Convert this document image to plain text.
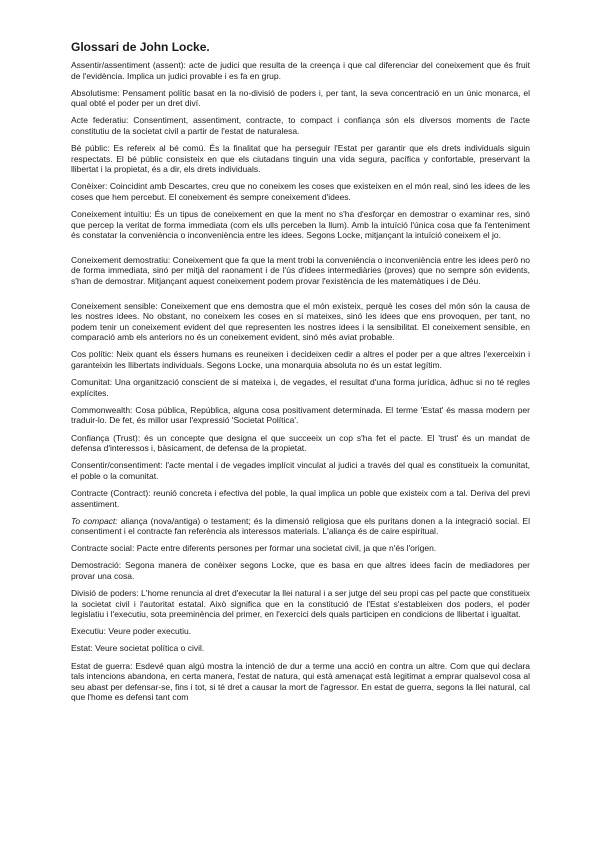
Glossari de John Locke.

Assentir/assentiment (assent): acte de judici que resulta de la creença i que cal diferenciar del coneixement que és fruit de l'evidència. Implica un judici provable i es fa en grup.

Absolutisme: Pensament polític basat en la no-divisió de poders i, per tant, la seva concentració en un únic monarca, el qual obté el poder per un dret diví.

Acte federatiu: Consentiment, assentiment, contracte, to compact i confiança són els diversos moments de l'acte constitutiu de la societat civil a partir de l'estat de naturalesa.

Bé públic: Es refereix al bé comú. És la finalitat que ha perseguir l'Estat per garantir que els drets individuals siguin respectats. El bé públic consisteix en que els ciutadans tinguin una vida segura, pacífica y confortable, preservant la llibertat i la propietat, és a dir, els drets individuals.

Conèixer: Coincidint amb Descartes, creu que no coneixem les coses que existeixen en el món real, sinó les idees de les coses que hem percebut. El coneixement és sempre coneixement d'idees.

Coneixement intuïtiu: És un tipus de coneixement en que la ment no s'ha d'esforçar en demostrar o examinar res, sinó que percep la veritat de forma immediata (com els ulls perceben la llum). Amb la intuïció l'única cosa que fa l'enteniment és constatar la conveniència o inconveniència entre les idees. Segons Locke, mitjançant la intuïció coneixem el jo.

Coneixement demostratiu: Coneixement que fa que la ment trobi la conveniència o inconveniència entre les idees però no de forma immediata, sinó per mitjà del raonament i de l'ús d'idees intermediàries (proves) que no sempre són evidents, s'han de demostrar. Mitjançant aquest coneixement podem provar l'existència de les matemàtiques i de Déu.

Coneixement sensible: Coneixement que ens demostra que el món existeix, perquè les coses del món són la causa de les nostres idees. No obstant, no coneixem les coses en sí mateixes, sinó les idees que ens provoquen, per tant, no podem tenir un coneixement evident del que representen les nostres idees i la sensibilitat. El coneixement sensible, en comparació amb els anteriors no és un coneixement evident, sinó més aviat probable.

Cos polític: Neix quant els éssers humans es reuneixen i decideixen cedir a altres el poder per a que altres l'exerceixin i garanteixin les llibertats individuals. Segons Locke, una monarquia absoluta no és un estat legítim.

Comunitat: Una organització conscient de si mateixa i, de vegades, el resultat d'una forma jurídica, àdhuc si no té regles explícites.

Commonwealth: Cosa pública, República, alguna cosa positivament determinada. El terme 'Estat' és massa modern per traduir-lo. De fet, és millor usar l'expressió 'Societat Política'.

Confiança (Trust): és un concepte que designa el que succeeix un cop s'ha fet el pacte. El 'trust' és un mandat de defensa d'interessos i, bàsicament, de defensa de la propietat.

Consentir/consentiment: l'acte mental i de vegades implícit vinculat al judici a través del qual es constitueix la comunitat, el poble o la comunitat.

Contracte (Contract): reunió concreta i efectiva del poble, la qual implica un poble que existeix com a tal. Deriva del previ assentiment.

To compact: aliança (nova/antiga) o testament; és la dimensió religiosa que els puritans donen a la integració social. El consentiment i el contracte fan referència als interessos materials. L'aliança és de caire espiritual.

Contracte social: Pacte entre diferents persones per formar una societat civil, ja que n'és l'origen.

Demostració: Segona manera de conèixer segons Locke, que es basa en que altres idees facin de mediadores per provar una cosa.

Divisió de poders: L'home renuncia al dret d'executar la llei natural i a ser jutge del seu propi cas pel pacte que constitueix la societat civil i l'autoritat estatal. Això significa que en la constitució de l'Estat s'estableixen dos poders, el poder legislatiu i l'executiu, sota preeminència del primer, en l'exercici dels quals participen en condicions de llibertat i igualtat.

Executiu: Veure poder executiu.

Estat: Veure societat política o civil.

Estat de guerra: Esdevé quan algú mostra la intenció de dur a terme una acció en contra un altre. Com que qui declara tals intencions abandona, en certa manera, l'estat de natura, qui està amenaçat està legitimat a emprar qualsevol cosa al seu abast per defensar-se, fins i tot, si té dret a causar la mort de l'agressor. En estat de guerra, segons la llei natural, cal que l'home es defensi tant com
